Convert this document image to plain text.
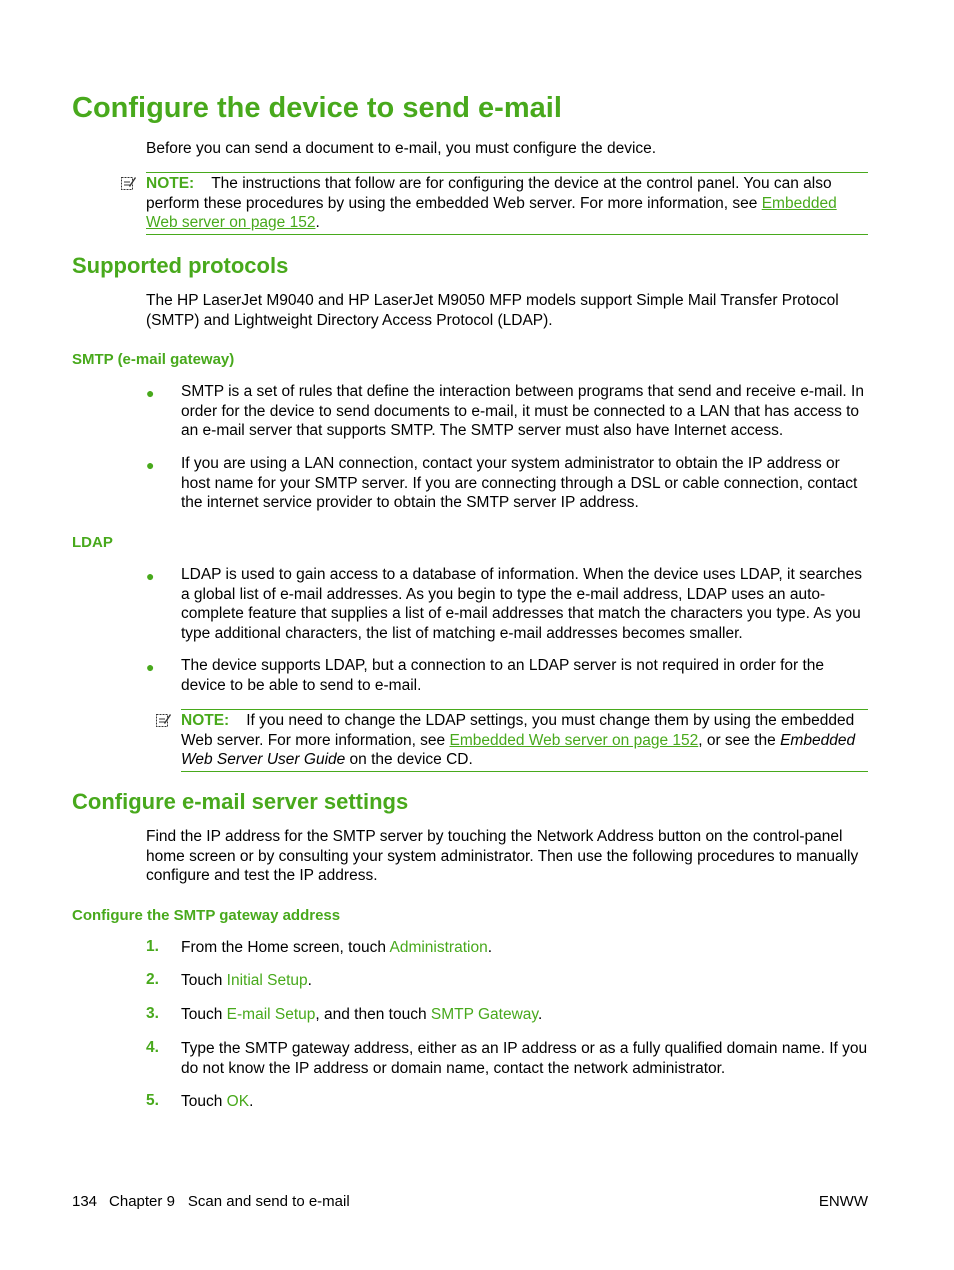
Configure the device to send e-mail
Before you can send a document to e-mail, you must configure the device.
NOTE: The instructions that follow are for configuring the device at the control panel. You can also perform these procedures by using the embedded Web server. For more information, see Embedded Web server on page 152.
Supported protocols
The HP LaserJet M9040 and HP LaserJet M9050 MFP models support Simple Mail Transfer Protocol (SMTP) and Lightweight Directory Access Protocol (LDAP).
SMTP (e-mail gateway)
● SMTP is a set of rules that define the interaction between programs that send and receive e-mail. In order for the device to send documents to e-mail, it must be connected to a LAN that has access to an e-mail server that supports SMTP. The SMTP server must also have Internet access.
● If you are using a LAN connection, contact your system administrator to obtain the IP address or host name for your SMTP server. If you are connecting through a DSL or cable connection, contact the internet service provider to obtain the SMTP server IP address.
LDAP
● LDAP is used to gain access to a database of information. When the device uses LDAP, it searches a global list of e-mail addresses. As you begin to type the e-mail address, LDAP uses an auto-complete feature that supplies a list of e-mail addresses that match the characters you type. As you type additional characters, the list of matching e-mail addresses becomes smaller.
● The device supports LDAP, but a connection to an LDAP server is not required in order for the device to be able to send to e-mail.
NOTE: If you need to change the LDAP settings, you must change them by using the embedded Web server. For more information, see Embedded Web server on page 152, or see the Embedded Web Server User Guide on the device CD.
Configure e-mail server settings
Find the IP address for the SMTP server by touching the Network Address button on the control-panel home screen or by consulting your system administrator. Then use the following procedures to manually configure and test the IP address.
Configure the SMTP gateway address
1. From the Home screen, touch Administration.
2. Touch Initial Setup.
3. Touch E-mail Setup, and then touch SMTP Gateway.
4. Type the SMTP gateway address, either as an IP address or as a fully qualified domain name. If you do not know the IP address or domain name, contact the network administrator.
5. Touch OK.
134 Chapter 9 Scan and send to e-mail	ENWW
